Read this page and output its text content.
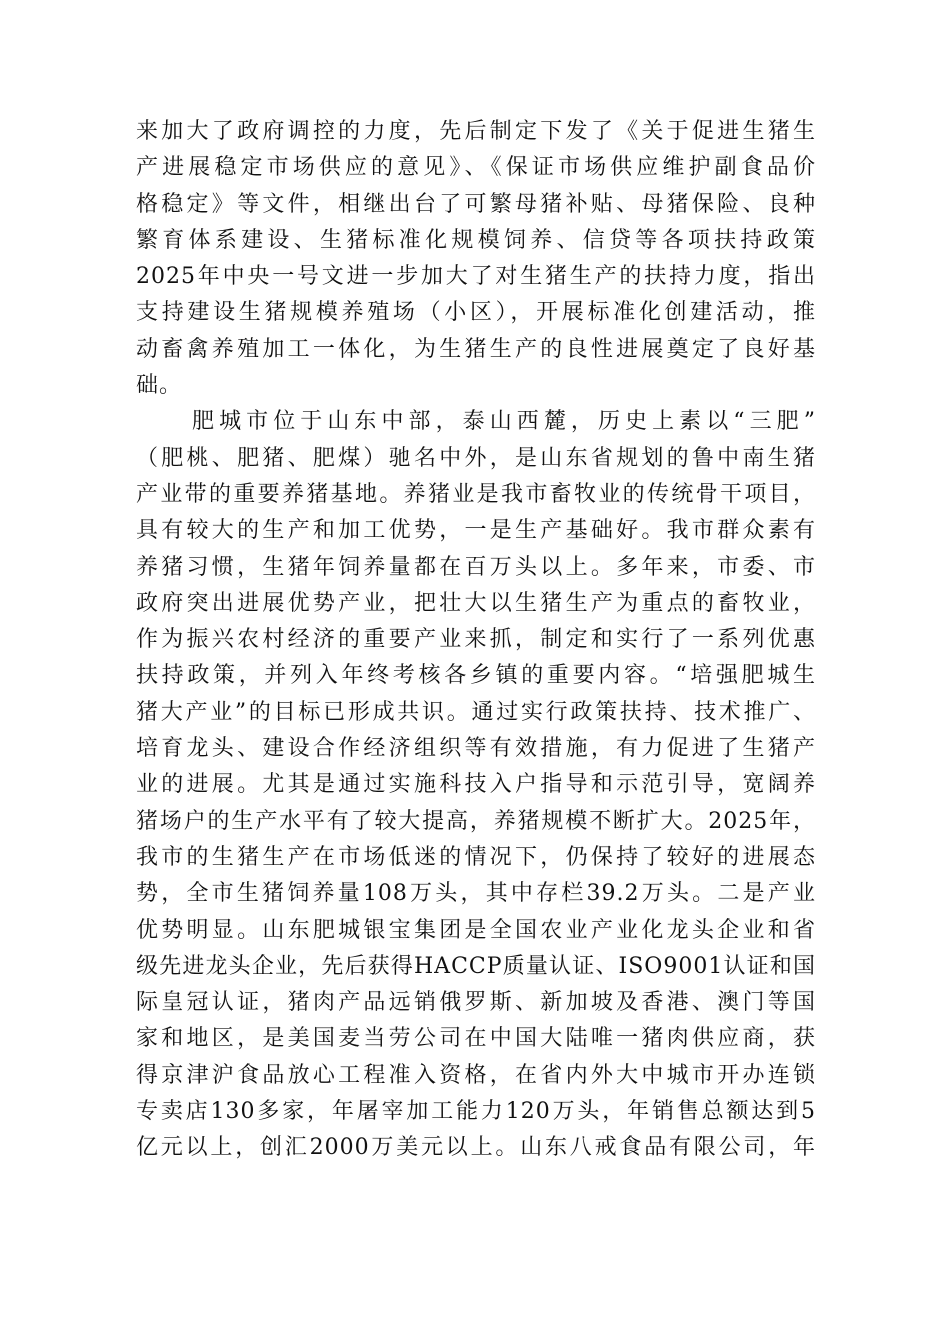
来加大了政府调控的力度，先后制定下发了《关于促进生猪生
产进展稳定市场供应的意见》、《保证市场供应维护副食品价
格稳定》等文件，相继出台了可繁母猪补贴、母猪保险、良种
繁育体系建设、生猪标准化规模饲养、信贷等各项扶持政策
2025年中央一号文进一步加大了对生猪生产的扶持力度，指出
支持建设生猪规模养殖场（小区），开展标准化创建活动，推
动畜禽养殖加工一体化，为生猪生产的良性进展奠定了良好基
础。
肥城市位于山东中部，泰山西麓，历史上素以“三肥”
（肥桃、肥猪、肥煤）驰名中外，是山东省规划的鲁中南生猪
产业带的重要养猪基地。养猪业是我市畜牧业的传统骨干项目，
具有较大的生产和加工优势，一是生产基础好。我市群众素有
养猪习惯，生猪年饲养量都在百万头以上。多年来，市委、市
政府突出进展优势产业，把壮大以生猪生产为重点的畜牧业，
作为振兴农村经济的重要产业来抓，制定和实行了一系列优惠
扶持政策，并列入年终考核各乡镇的重要内容。“培强肥城生
猪大产业”的目标已形成共识。通过实行政策扶持、技术推广、
培育龙头、建设合作经济组织等有效措施，有力促进了生猪产
业的进展。尤其是通过实施科技入户指导和示范引导，宽阔养
猪场户的生产水平有了较大提高，养猪规模不断扩大。2025年，
我市的生猪生产在市场低迷的情况下，仍保持了较好的进展态
势，全市生猪饲养量108万头，其中存栏39.2万头。二是产业
优势明显。山东肥城银宝集团是全国农业产业化龙头企业和省
级先进龙头企业，先后获得HACCP质量认证、ISO9001认证和国
际皇冠认证，猪肉产品远销俄罗斯、新加坡及香港、澳门等国
家和地区，是美国麦当劳公司在中国大陆唯一猪肉供应商，获
得京津沪食品放心工程准入资格，在省内外大中城市开办连锁
专卖店130多家，年屠宰加工能力120万头，年销售总额达到5
亿元以上，创汇2000万美元以上。山东八戒食品有限公司，年
